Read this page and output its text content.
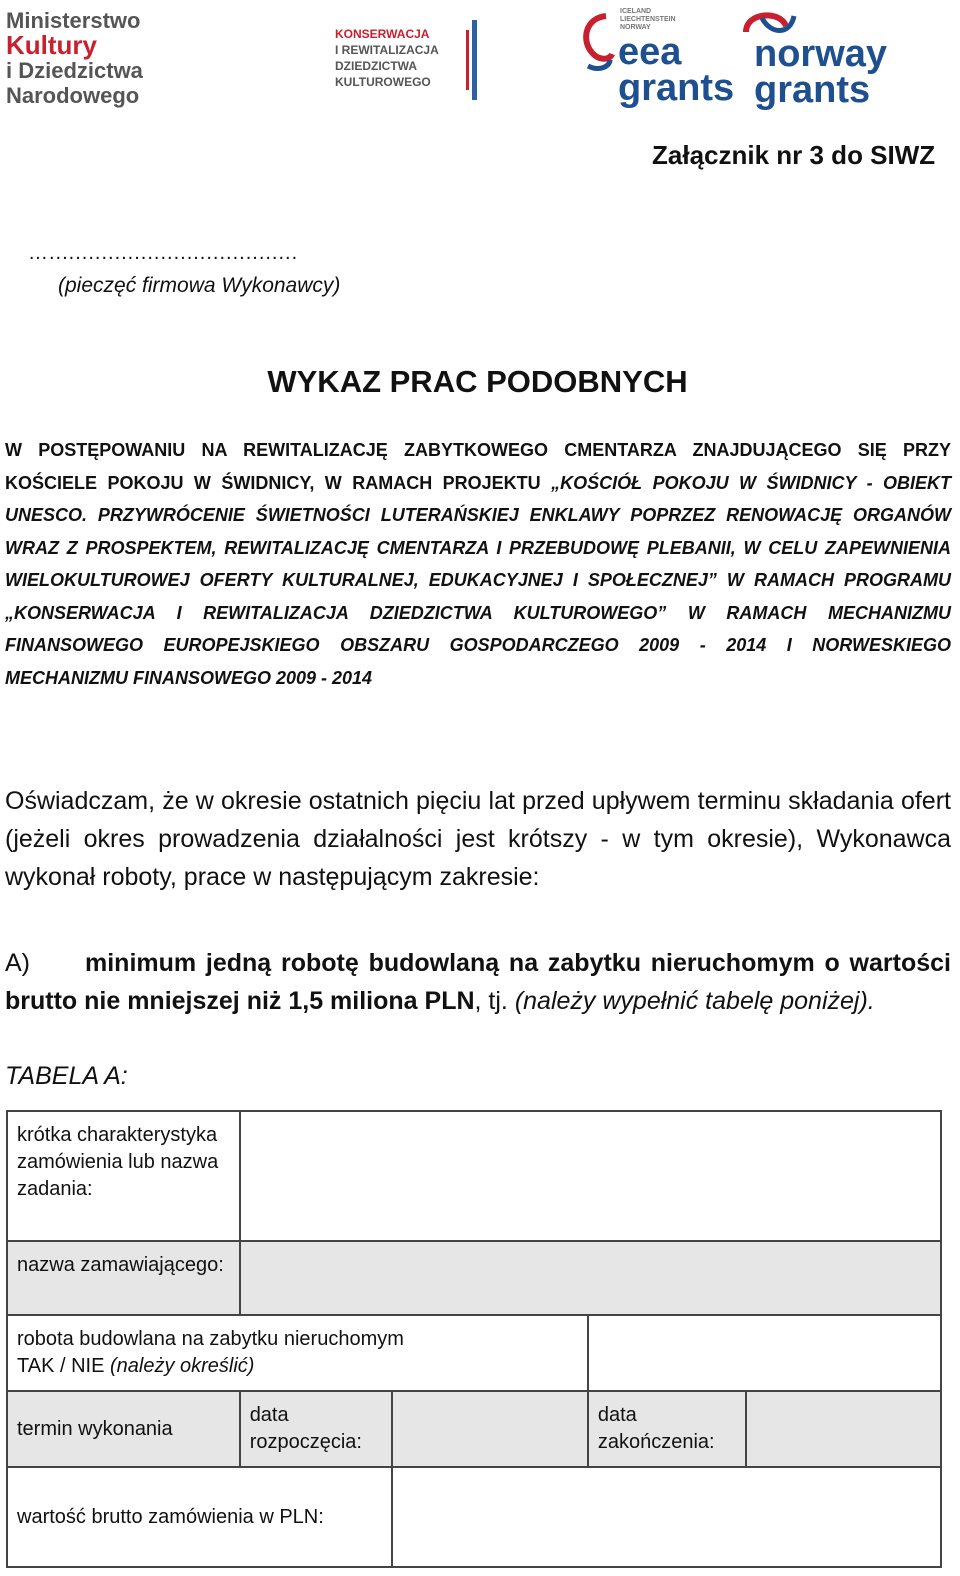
Ministerstwo
Kultury
i Dziedzictwa
Narodowego
KONSERWACJA
I REWITALIZACJA
DZIEDZICTWA
KULTUROWEGO
ICELAND
LIECHTENSTEIN
NORWAY
eea
grants
norway
grants
Załącznik nr 3 do SIWZ
…......................................
(pieczęć firmowa Wykonawcy)
WYKAZ PRAC PODOBNYCH
W POSTĘPOWANIU NA REWITALIZACJĘ ZABYTKOWEGO CMENTARZA ZNAJDUJĄCEGO SIĘ PRZY KOŚCIELE POKOJU W ŚWIDNICY, W RAMACH PROJEKTU „KOŚCIÓŁ POKOJU W ŚWIDNICY - OBIEKT UNESCO. PRZYWRÓCENIE ŚWIETNOŚCI LUTERAŃSKIEJ ENKLAWY POPRZEZ RENOWACJĘ ORGANÓW WRAZ Z PROSPEKTEM, REWITALIZACJĘ CMENTARZA I PRZEBUDOWĘ PLEBANII, W CELU ZAPEWNIENIA WIELOKULTUROWEJ OFERTY KULTURALNEJ, EDUKACYJNEJ I SPOŁECZNEJ” W RAMACH PROGRAMU „KONSERWACJA I REWITALIZACJA DZIEDZICTWA KULTUROWEGO” W RAMACH MECHANIZMU FINANSOWEGO EUROPEJSKIEGO OBSZARU GOSPODARCZEGO 2009 - 2014 I NORWESKIEGO MECHANIZMU FINANSOWEGO 2009 - 2014
Oświadczam, że w okresie ostatnich pięciu lat przed upływem terminu składania ofert (jeżeli okres prowadzenia działalności jest krótszy - w tym okresie), Wykonawca wykonał roboty, prace w następującym zakresie:
A) minimum jedną robotę budowlaną na zabytku nieruchomym o wartości brutto nie mniejszej niż 1,5 miliona PLN, tj. (należy wypełnić tabelę poniżej).
TABELA A:
krótka charakterystyka zamówienia lub nazwa zadania:				
nazwa zamawiającego:				
robota budowlana na zabytku nieruchomym
TAK / NIE (należy określić)				
termin wykonania	data rozpoczęcia:		data zakończenia:	
wartość brutto zamówienia w PLN:				
